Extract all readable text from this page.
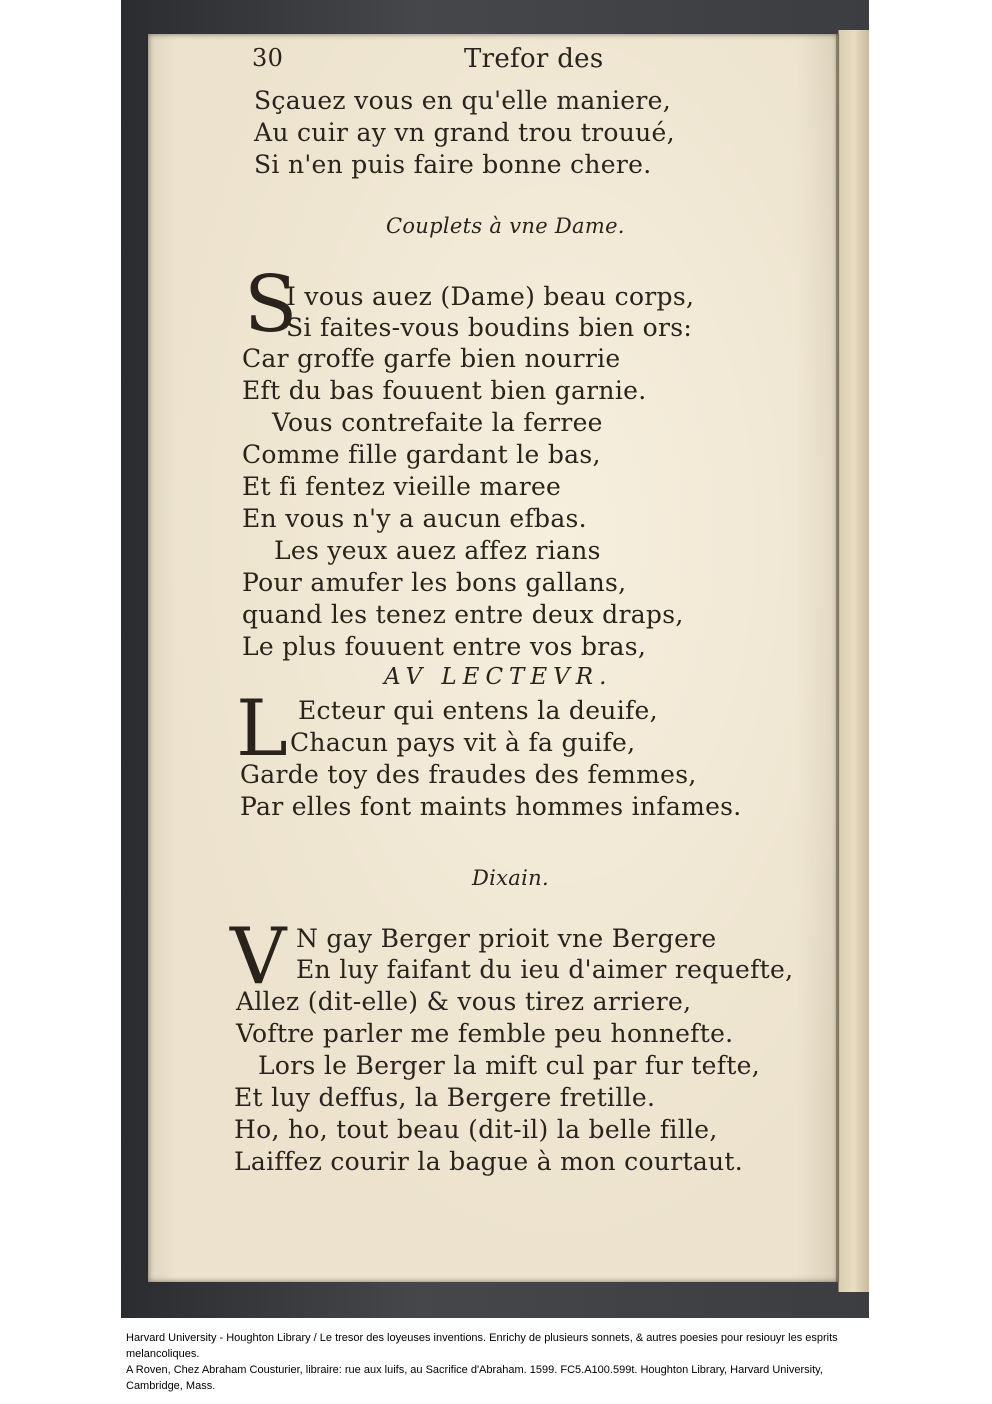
30	Trefor des
Sçauez vous en qu'elle maniere,
Au cuir ay vn grand trou trouué,
Si n'en puis faire bonne chere.
Couplets à vne Dame.
S
I vous auez (Dame) beau corps,
Si faites-vous boudins bien ors:
Car groffe garfe bien nourrie
Eft du bas fouuent bien garnie.
Vous contrefaite la ferree
Comme fille gardant le bas,
Et fi fentez vieille maree
En vous n'y a aucun efbas.
Les yeux auez affez rians
Pour amufer les bons gallans,
quand les tenez entre deux draps,
Le plus fouuent entre vos bras,
AV LECTEVR.
L Ecteur qui entens la deuife,
Chacun pays vit à fa guife,
Garde toy des fraudes des femmes,
Par elles font maints hommes infames.
Dixain.
V N gay Berger prioit vne Bergere
En luy faifant du ieu d'aimer requefte,
Allez (dit-elle) & vous tirez arriere,
Voftre parler me femble peu honnefte.
Lors le Berger la mift cul par fur tefte,
Et luy deffus, la Bergere fretille.
Ho, ho, tout beau (dit-il) la belle fille,
Laiffez courir la bague à mon courtaut.
Harvard University - Houghton Library / Le tresor des loyeuses inventions. Enrichy de plusieurs sonnets, & autres poesies pour resiouyr les esprits melancoliques.
A Roven, Chez Abraham Cousturier, libraire: rue aux luifs, au Sacrifice d'Abraham. 1599. FC5.A100.599t. Houghton Library, Harvard University, Cambridge, Mass.
